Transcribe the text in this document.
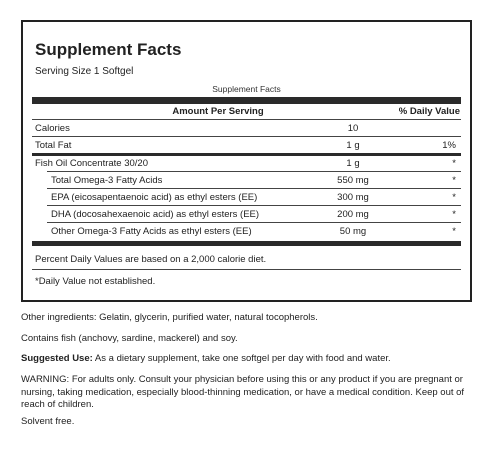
Supplement Facts
Serving Size 1 Softgel
Supplement Facts
Amount Per Serving	% Daily Value
Calories	10
Total Fat	1 g	1%
Fish Oil Concentrate 30/20	1 g	*
Total Omega-3 Fatty Acids	550 mg	*
EPA (eicosapentaenoic acid) as ethyl esters (EE)	300 mg	*
DHA (docosahexaenoic acid) as ethyl esters (EE)	200 mg	*
Other Omega-3 Fatty Acids as ethyl esters (EE)	50 mg	*
Percent Daily Values are based on a 2,000 calorie diet.
*Daily Value not established.
Other ingredients: Gelatin, glycerin, purified water, natural tocopherols.
Contains fish (anchovy, sardine, mackerel) and soy.
Suggested Use: As a dietary supplement, take one softgel per day with food and water.
WARNING: For adults only. Consult your physician before using this or any product if you are pregnant or
nursing, taking medication, especially blood-thinning medication, or have a medical condition. Keep out of
reach of children.
Solvent free.
